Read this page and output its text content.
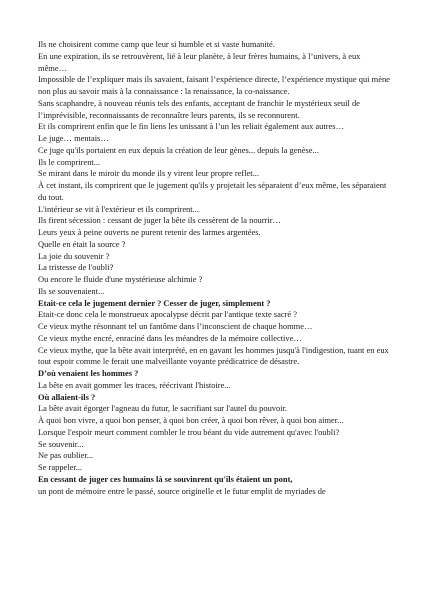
Ils ne choisirent comme camp que leur si humble et si vaste humanité.

En une expiration, ils se retrouvèrent, lié à leur planète, à leur frères humains, à l’univers, à eux même…

Impossible de l’expliquer mais ils savaient, faisant l’expérience directe, l’expérience mystique qui mène non plus au savoir mais à la connaissance : la renaissance, la co-naissance.

Sans scaphandre, à nouveau réunis tels des enfants, acceptant de franchir le mystérieux seuil de l’imprévisible, reconnaissants de reconnaître leurs parents, ils se reconnurent.

Et ils comprirent enfin que le fin liens les unissant à l’un les reliait également aux autres…

Le juge… mentais…

Ce juge qu'ils portaient en eux depuis la création de leur gènes... depuis la genèse...

Ils le comprirent...

Se mirant dans le miroir du monde ils y virent leur propre reflet...

À cet instant, ils comprirent que le jugement qu'ils y projetait les séparaient d’eux même, les séparaient du tout.

L'intérieur se vit à l'extérieur et ils comprirent...

Ils firent sécession : cessant de juger la bête ils cessèrent de la nourrir…

Leurs yeux à peine ouverts ne purent retenir des larmes argentées.

Quelle en était la source ?

La joie du souvenir ?

La tristesse de l'oubli?

Ou encore le fluide d'une mystérieuse alchimie ?

Ils se souvenaient...

Etait-ce cela le jugement dernier ? Cesser de juger, simplement ?

Etait-ce donc cela le monstrueux apocalypse décrit par l'antique texte sacré ?

Ce vieux mythe résonnant tel un fantôme dans l’inconscient de chaque homme…

Ce vieux mythe encré, enraciné dans les méandres de la mémoire collective…

Ce vieux mythe, que la bête avait interprété, en en gavant les hommes jusqu'à l'indigestion, tuant en eux tout espoir comme le ferait une malveillante voyante prédicatrice de désastre.

D’où venaient les hommes ?

La bête en avait gommer les traces, réécrivant l'histoire...

Où allaient-ils ?

La bête avait égorger l'agneau du futur, le sacrifiant sur l'autel du pouvoir.

À quoi bon vivre, a quoi bon penser, à quoi bon créer, à quoi bon rêver, à quoi bon aimer...

Lorsque l'espoir meurt comment combler le trou béant du vide autrement qu'avec l'oubli?

Se souvenir...

Ne pas oublier...

Se rappeler...

En cessant de juger ces humains là se souvinrent qu'ils étaient un pont,

un pont de mémoire entre le passé, source originelle et le futur emplit de myriades de
